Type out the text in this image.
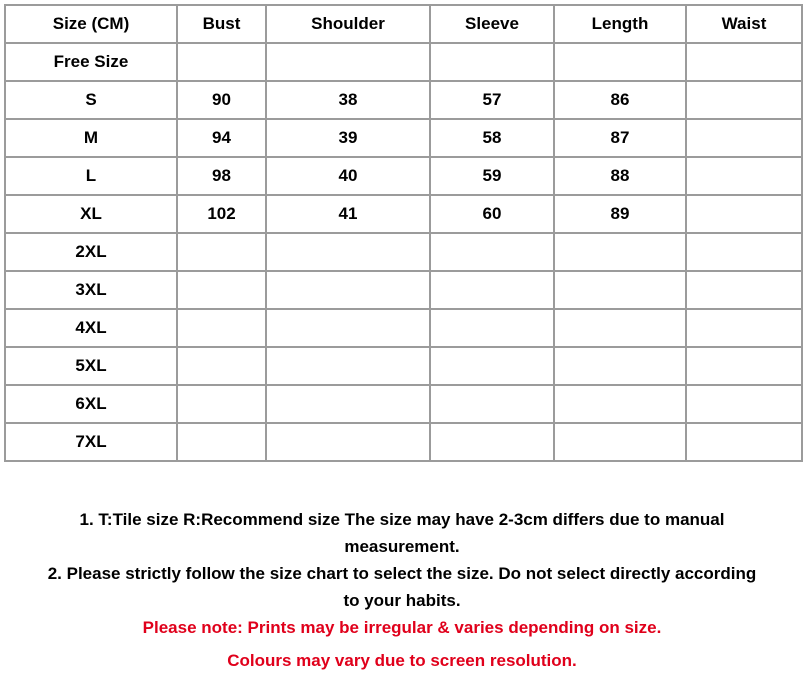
Size (CM)	Bust	Shoulder	Sleeve	Length	Waist
Free Size					
S	90	38	57	86	
M	94	39	58	87	
L	98	40	59	88	
XL	102	41	60	89	
2XL					
3XL					
4XL					
5XL					
6XL					
7XL					

1. T:Tile size R:Recommend size The size may have 2-3cm differs due to manual

measurement.

2. Please strictly follow the size chart to select the size. Do not select directly according

to your habits.

Please note: Prints may be irregular & varies depending on size.

Colours may vary due to screen resolution.
